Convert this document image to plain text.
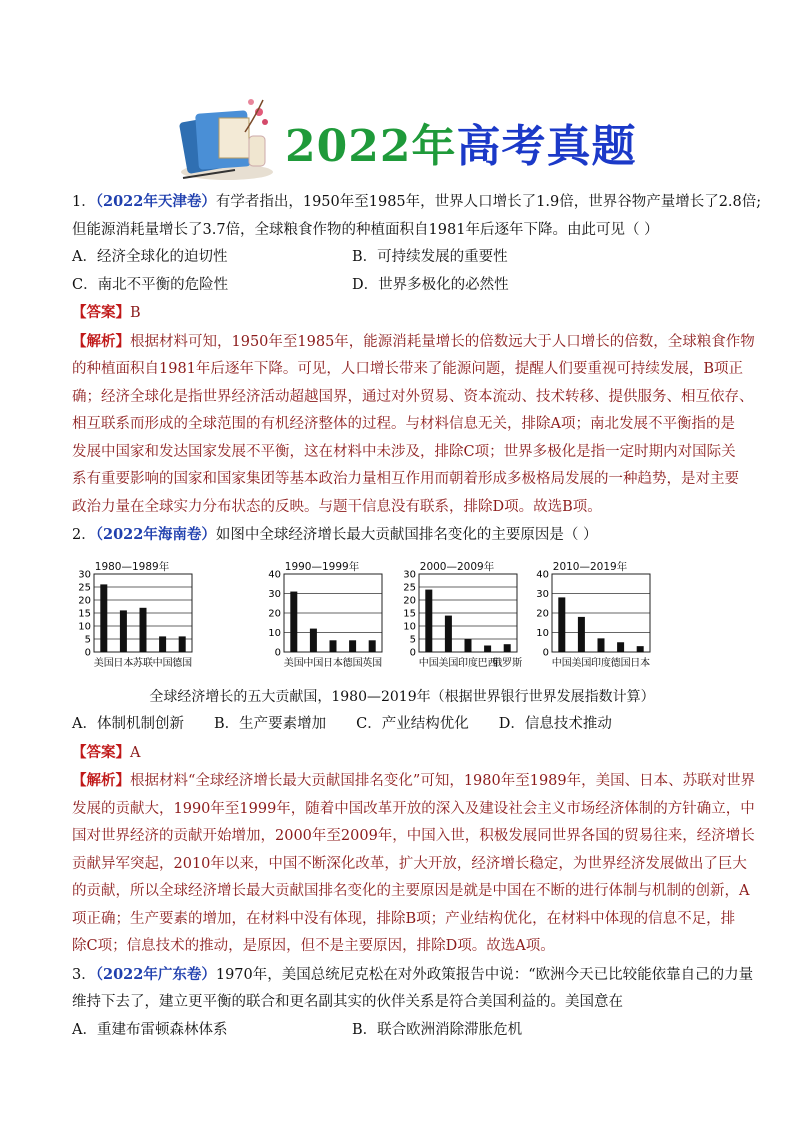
2022年高考真题
1．（2022年天津卷）有学者指出，1950年至1985年，世界人口增长了1.9倍，世界谷物产量增长了2.8倍;
但能源消耗量增长了3.7倍，全球粮食作物的种植面积自1981年后逐年下降。由此可见（ ）
A．经济全球化的迫切性	B．可持续发展的重要性
C．南北不平衡的危险性	D．世界多极化的必然性
【答案】B
【解析】根据材料可知，1950年至1985年，能源消耗量增长的倍数远大于人口增长的倍数，全球粮食作物
的种植面积自1981年后逐年下降。可见，人口增长带来了能源问题，提醒人们要重视可持续发展，B项正
确；经济全球化是指世界经济活动超越国界，通过对外贸易、资本流动、技术转移、提供服务、相互依存、
相互联系而形成的全球范围的有机经济整体的过程。与材料信息无关，排除A项；南北发展不平衡指的是
发展中国家和发达国家发展不平衡，这在材料中未涉及，排除C项；世界多极化是指一定时期内对国际关
系有重要影响的国家和国家集团等基本政治力量相互作用而朝着形成多极格局发展的一种趋势，是对主要
政治力量在全球实力分布状态的反映。与题干信息没有联系，排除D项。故选B项。
2．（2022年海南卷）如图中全球经济增长最大贡献国排名变化的主要原因是（ ）
1980—1989年
0
5
10
15
20
25
30
美国 日本 苏联 中国 德国
1990—1999年
0
10
20
30
40
美国 中国 日本 德国 英国
2000—2009年
0
5
10
15
20
25
30
中国 美国 印度 巴西
俄罗斯
2010—2019年
0
10
20
30
40
中国 美国 印度 德国 日本
全球经济增长的五大贡献国，1980—2019年（根据世界银行世界发展指数计算）
A．体制机制创新 B．生产要素增加 C．产业结构优化 D．信息技术推动
【答案】A
【解析】根据材料“全球经济增长最大贡献国排名变化”可知，1980年至1989年，美国、日本、苏联对世界
发展的贡献大，1990年至1999年，随着中国改革开放的深入及建设社会主义市场经济体制的方针确立，中
国对世界经济的贡献开始增加，2000年至2009年，中国入世，积极发展同世界各国的贸易往来，经济增长
贡献异军突起，2010年以来，中国不断深化改革，扩大开放，经济增长稳定，为世界经济发展做出了巨大
的贡献，所以全球经济增长最大贡献国排名变化的主要原因是就是中国在不断的进行体制与机制的创新，A
项正确；生产要素的增加，在材料中没有体现，排除B项；产业结构优化，在材料中体现的信息不足，排
除C项；信息技术的推动，是原因，但不是主要原因，排除D项。故选A项。
3．（2022年广东卷）1970年，美国总统尼克松在对外政策报告中说：“欧洲今天已比较能依靠自己的力量
维持下去了，建立更平衡的联合和更名副其实的伙伴关系是符合美国利益的。美国意在
A．重建布雷顿森林体系	B．联合欧洲消除滞胀危机
